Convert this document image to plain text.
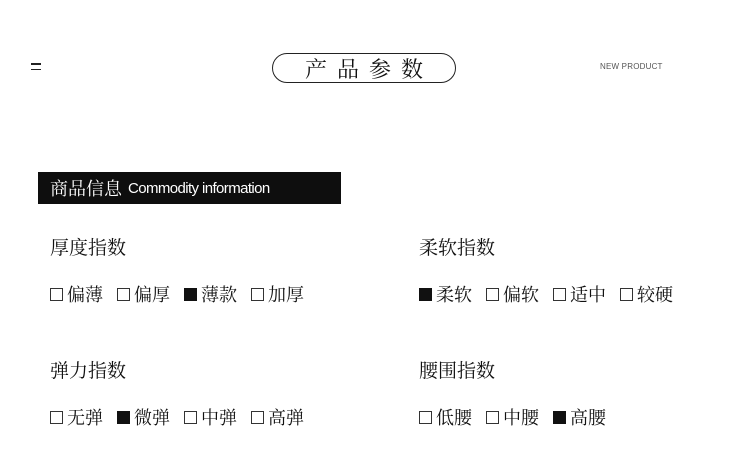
产品参数	NEW PRODUCT
商品信息 Commodity information
厚度指数
偏薄 偏厚 薄款 加厚
柔软指数
柔软 偏软 适中 较硬
弹力指数
无弹 微弹 中弹 高弹
腰围指数
低腰 中腰 高腰
